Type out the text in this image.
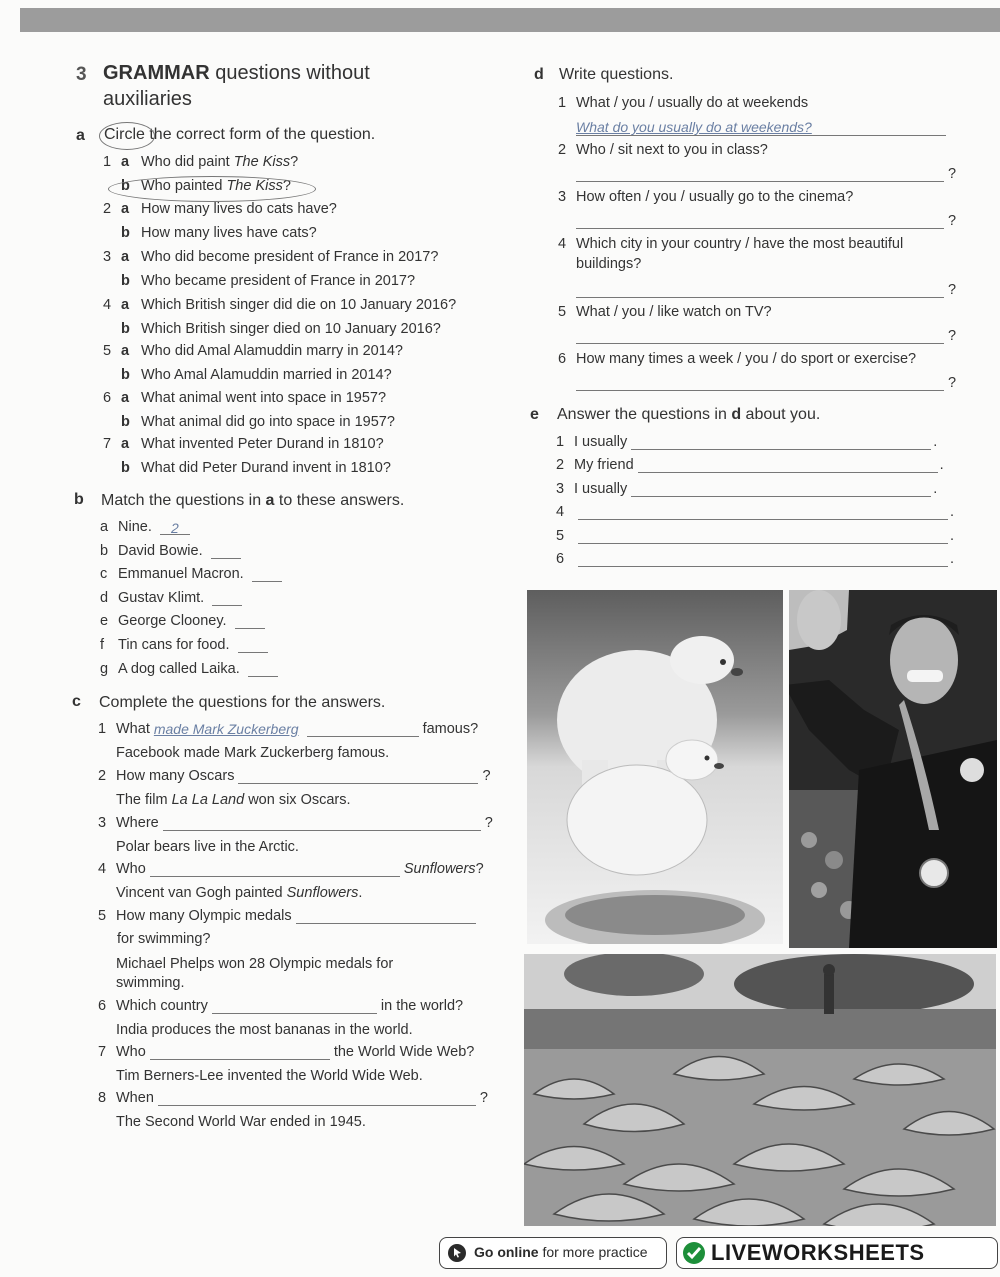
3 GRAMMAR questions without
auxiliaries
a Circle the correct form of the question.
1 a Who did paint The Kiss?
b Who painted The Kiss?
2 a How many lives do cats have?
b How many lives have cats?
3 a Who did become president of France in 2017?
b Who became president of France in 2017?
4 a Which British singer did die on 10 January 2016?
b Which British singer died on 10 January 2016?
5 a Who did Amal Alamuddin marry in 2014?
b Who Amal Alamuddin married in 2014?
6 a What animal went into space in 1957?
b What animal did go into space in 1957?
7 a What invented Peter Durand in 1810?
b What did Peter Durand invent in 1810?
b Match the questions in a to these answers.
a Nine. 2
b David Bowie.
c Emmanuel Macron.
d Gustav Klimt.
e George Clooney.
f Tin cans for food.
g A dog called Laika.
c Complete the questions for the answers.
1 What made Mark Zuckerberg	famous?
Facebook made Mark Zuckerberg famous.
2 How many Oscars	?
The film La La Land won six Oscars.
3 Where	?
Polar bears live in the Arctic.
4 Who	Sunflowers?
Vincent van Gogh painted Sunflowers.
5 How many Olympic medals
for swimming?
Michael Phelps won 28 Olympic medals for
swimming.
6 Which country	in the world?
India produces the most bananas in the world.
7 Who	the World Wide Web?
Tim Berners-Lee invented the World Wide Web.
8 When	?
The Second World War ended in 1945.
d Write questions.
1 What / you / usually do at weekends
What do you usually do at weekends?
2 Who / sit next to you in class?
?
3 How often / you / usually go to the cinema?
?
4 Which city in your country / have the most beautiful
buildings?
?
5 What / you / like watch on TV?
?
6 How many times a week / you / do sport or exercise?
?
e Answer the questions in d about you.
1 I usually	.
2 My friend	.
3 I usually	.
4	.
5	.
6	.
Go online for more practice	LIVEWORKSHEETS
